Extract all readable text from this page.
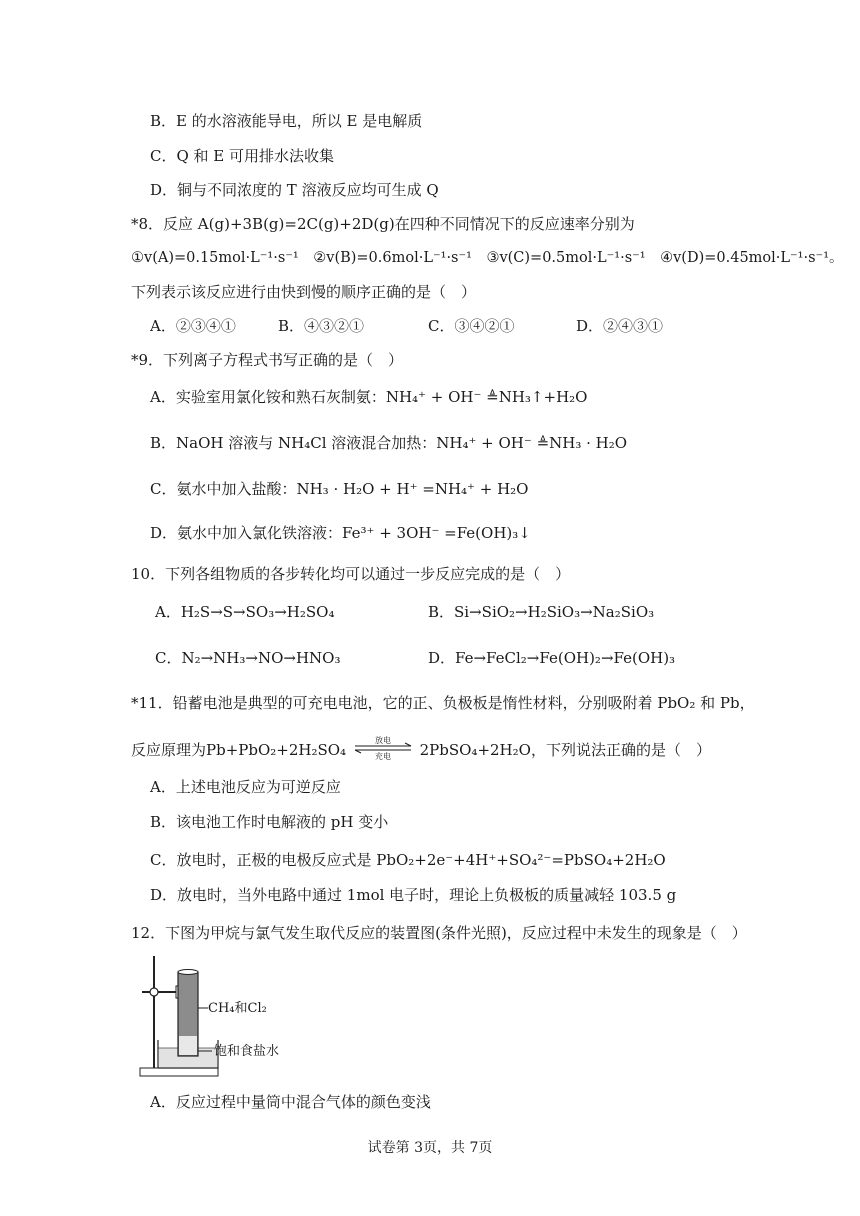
B．E 的水溶液能导电，所以 E 是电解质
C．Q 和 E 可用排水法收集
D．铜与不同浓度的 T 溶液反应均可生成 Q
*8．反应 A(g)+3B(g)=2C(g)+2D(g)在四种不同情况下的反应速率分别为
①v(A)=0.15mol·L⁻¹·s⁻¹　②v(B)=0.6mol·L⁻¹·s⁻¹　③v(C)=0.5mol·L⁻¹·s⁻¹　④v(D)=0.45mol·L⁻¹·s⁻¹。
下列表示该反应进行由快到慢的顺序正确的是（　）
A．②③④①	B．④③②①	C．③④②①	D．②④③①
*9．下列离子方程式书写正确的是（　）
A．实验室用氯化铵和熟石灰制氨：NH₄⁺ + OH⁻ ≜NH₃↑+H₂O
B．NaOH 溶液与 NH₄Cl 溶液混合加热：NH₄⁺ + OH⁻ ≜NH₃ · H₂O
C．氨水中加入盐酸：NH₃ · H₂O + H⁺ =NH₄⁺ + H₂O
D．氨水中加入氯化铁溶液：Fe³⁺ + 3OH⁻ =Fe(OH)₃↓
10．下列各组物质的各步转化均可以通过一步反应完成的是（　）
A．H₂S→S→SO₃→H₂SO₄	B．Si→SiO₂→H₂SiO₃→Na₂SiO₃
C．N₂→NH₃→NO→HNO₃	D．Fe→FeCl₂→Fe(OH)₂→Fe(OH)₃
*11．铅蓄电池是典型的可充电电池，它的正、负极板是惰性材料，分别吸附着 PbO₂ 和 Pb，
反应原理为Pb+PbO₂+2H₂SO₄
放电
充电 2PbSO₄+2H₂O，下列说法正确的是（　）
A．上述电池反应为可逆反应
B．该电池工作时电解液的 pH 变小
C．放电时，正极的电极反应式是 PbO₂+2e⁻+4H⁺+SO₄²⁻=PbSO₄+2H₂O
D．放电时，当外电路中通过 1mol 电子时，理论上负极板的质量减轻 103.5 g
12．下图为甲烷与氯气发生取代反应的装置图(条件光照)，反应过程中未发生的现象是（　）
CH₄和Cl₂
饱和食盐水
A．反应过程中量筒中混合气体的颜色变浅
试卷第 3页，共 7页
